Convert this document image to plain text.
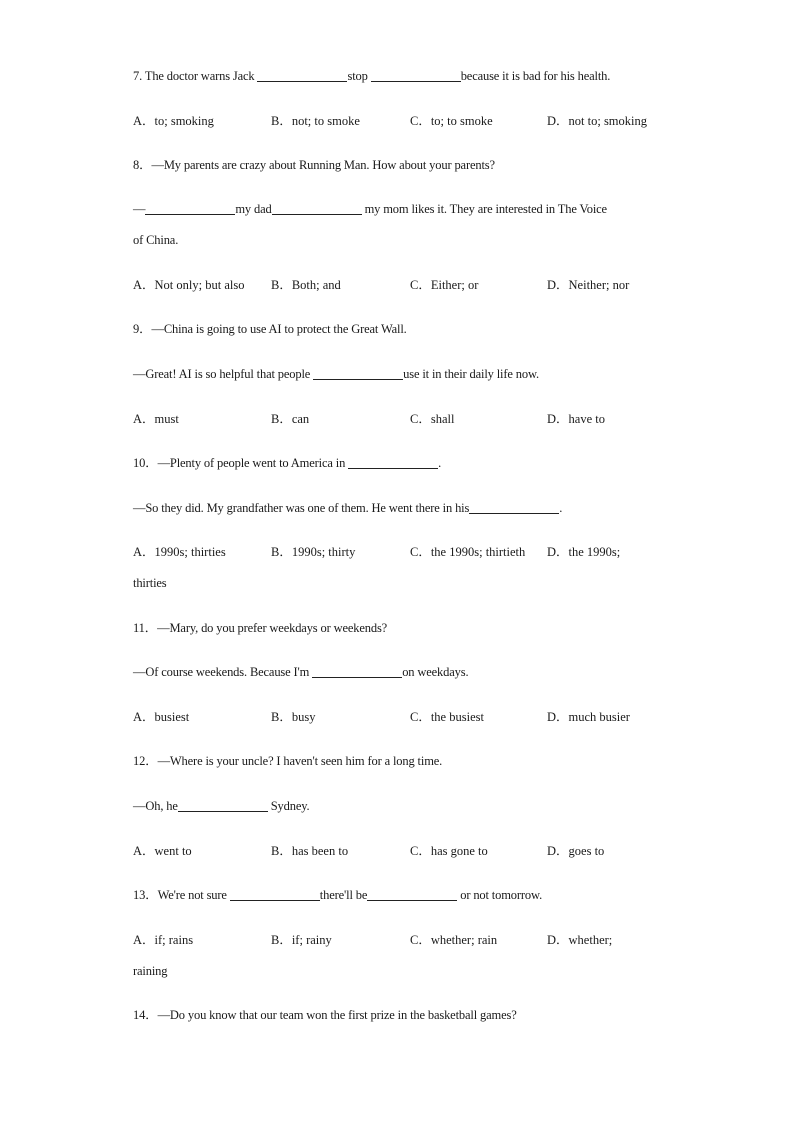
7. The doctor warns Jack	stop	because it is bad for his health.
A．to; smoking	B．not; to smoke	C．to; to smoke	D．not to; smoking
8．—My parents are crazy about Running Man. How about your parents?
—	my dad	my mom likes it. They are interested in The Voice
of China.
A．Not only; but also B．Both; and	C．Either; or	D．Neither; nor
9．—China is going to use AI to protect the Great Wall.
—Great! AI is so helpful that people	use it in their daily life now.
A．must	B．can	C．shall	D．have to
10．—Plenty of people went to America in	.
—So they did. My grandfather was one of them. He went there in his	.
A．1990s; thirties	B．1990s; thirty	C．the 1990s; thirtieth D．the 1990s;
thirties
11．—Mary, do you prefer weekdays or weekends?
—Of course weekends. Because I'm	on weekdays.
A．busiest	B．busy	C．the busiest	D．much busier
12．—Where is your uncle? I haven't seen him for a long time.
—Oh, he	Sydney.
A．went to	B．has been to	C．has gone to	D．goes to
13．We're not sure	there'll be	or not tomorrow.
A．if; rains	B．if; rainy	C．whether; rain	D．whether;
raining
14．—Do you know that our team won the first prize in the basketball games?
